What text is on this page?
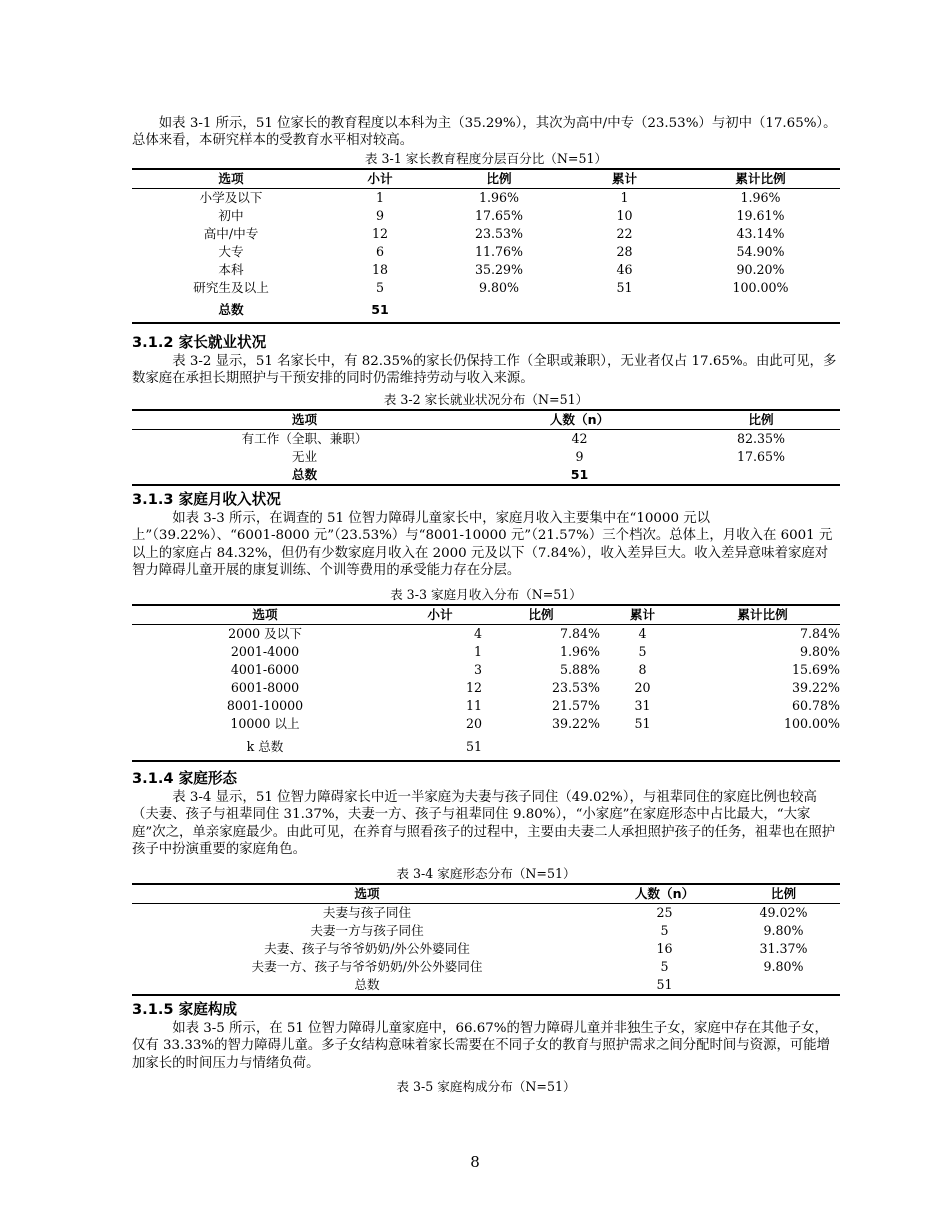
如表 3-1 所示，51 位家长的教育程度以本科为主（35.29%），其次为高中/中专（23.53%）与初中（17.65%）。总体来看，本研究样本的受教育水平相对较高。

表 3-1 家长教育程度分层百分比（N=51）
选项	小计	比例	累计	累计比例
小学及以下	1	1.96%	1	1.96%
初中	9	17.65%	10	19.61%
高中/中专	12	23.53%	22	43.14%
大专	6	11.76%	28	54.90%
本科	18	35.29%	46	90.20%
研究生及以上	5	9.80%	51	100.00%
总数	51			
3.1.2 家长就业状况

表 3-2 显示，51 名家长中，有 82.35%的家长仍保持工作（全职或兼职），无业者仅占 17.65%。由此可见，多数家庭在承担长期照护与干预安排的同时仍需维持劳动与收入来源。

表 3-2 家长就业状况分布（N=51）
选项	人数（n）	比例
有工作（全职、兼职）	42	82.35%
无业	9	17.65%
总数	51	
3.1.3 家庭月收入状况

如表 3-3 所示，在调查的 51 位智力障碍儿童家长中，家庭月收入主要集中在“10000 元以上”（39.22%）、“6001-8000 元”（23.53%）与“8001-10000 元”（21.57%）三个档次。总体上，月收入在 6001 元以上的家庭占 84.32%，但仍有少数家庭月收入在 2000 元及以下（7.84%），收入差异巨大。收入差异意味着家庭对智力障碍儿童开展的康复训练、个训等费用的承受能力存在分层。

表 3-3 家庭月收入分布（N=51）
选项	小计	比例	累计	累计比例
2000 及以下	4	7.84%	4	7.84%
2001-4000	1	1.96%	5	9.80%
4001-6000	3	5.88%	8	15.69%
6001-8000	12	23.53%	20	39.22%
8001-10000	11	21.57%	31	60.78%
10000 以上	20	39.22%	51	100.00%
k 总数	51			
3.1.4 家庭形态

表 3-4 显示，51 位智力障碍家长中近一半家庭为夫妻与孩子同住（49.02%），与祖辈同住的家庭比例也较高（夫妻、孩子与祖辈同住 31.37%，夫妻一方、孩子与祖辈同住 9.80%），“小家庭”在家庭形态中占比最大，“大家庭”次之，单亲家庭最少。由此可见，在养育与照看孩子的过程中，主要由夫妻二人承担照护孩子的任务，祖辈也在照护孩子中扮演重要的家庭角色。

表 3-4 家庭形态分布（N=51）
选项	人数（n）	比例
夫妻与孩子同住	25	49.02%
夫妻一方与孩子同住	5	9.80%
夫妻、孩子与爷爷奶奶/外公外婆同住	16	31.37%
夫妻一方、孩子与爷爷奶奶/外公外婆同住	5	9.80%
总数	51	
3.1.5 家庭构成

如表 3-5 所示，在 51 位智力障碍儿童家庭中，66.67%的智力障碍儿童并非独生子女，家庭中存在其他子女，仅有 33.33%的智力障碍儿童。多子女结构意味着家长需要在不同子女的教育与照护需求之间分配时间与资源，可能增加家长的时间压力与情绪负荷。

表 3-5 家庭构成分布（N=51）
8
